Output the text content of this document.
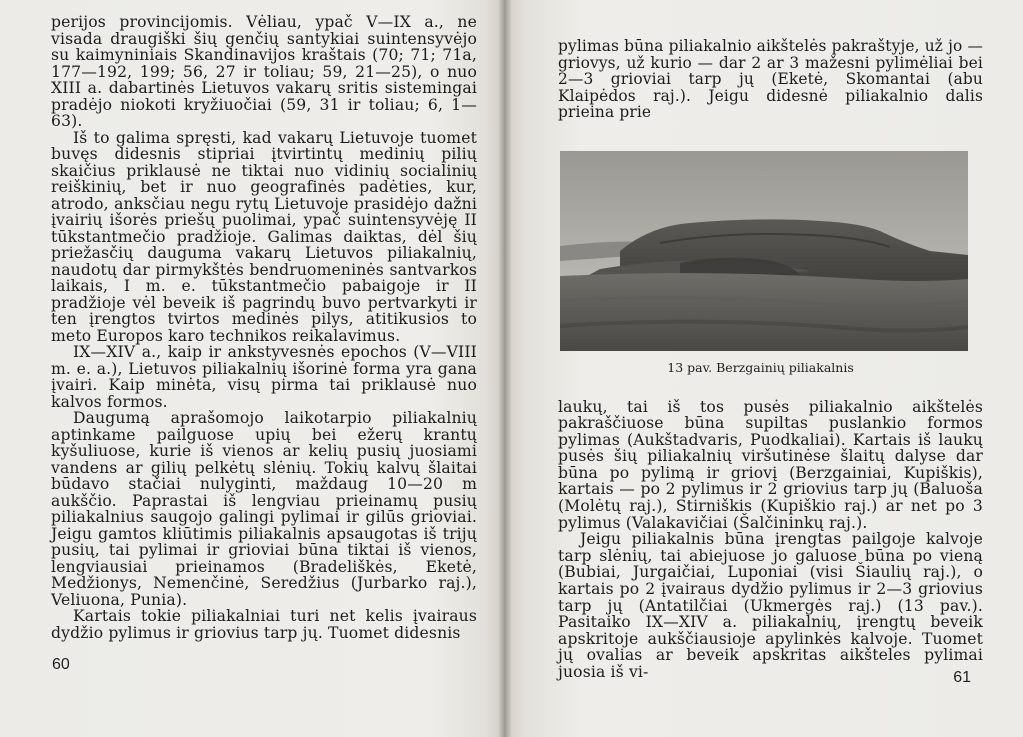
perijos provincijomis. Vėliau, ypač V—IX a., ne visada draugiški šių genčių santykiai suintensyvėjo su kaimyniniais Skandinavijos kraštais (70; 71; 71a, 177—192, 199; 56, 27 ir toliau; 59, 21—25), o nuo XIII a. dabartinės Lietuvos vakarų sritis sistemingai pradėjo niokoti kryžiuočiai (59, 31 ir toliau; 6, 1—63).

Iš to galima spręsti, kad vakarų Lietuvoje tuomet buvęs didesnis stipriai įtvirtintų medinių pilių skaičius priklausė ne tiktai nuo vidinių socialinių reiškinių, bet ir nuo geografinės padėties, kur, atrodo, anksčiau negu rytų Lietuvoje prasidėjo dažni įvairių išorės priešų puolimai, ypač suintensyvėję II tūkstantmečio pradžioje. Galimas daiktas, dėl šių priežasčių dauguma vakarų Lietuvos piliakalnių, naudotų dar pirmykštės bendruomeninės santvarkos laikais, I m. e. tūkstantmečio pabaigoje ir II pradžioje vėl beveik iš pagrindų buvo pertvarkyti ir ten įrengtos tvirtos medinės pilys, atitikusios to meto Europos karo technikos reikalavimus.

IX—XIV a., kaip ir ankstyvesnės epochos (V—VIII m. e. a.), Lietuvos piliakalnių išorinė forma yra gana įvairi. Kaip minėta, visų pirma tai priklausė nuo kalvos formos.

Daugumą aprašomojo laikotarpio piliakalnių aptinkame pailguose upių bei ežerų krantų kyšuliuose, kurie iš vienos ar kelių pusių juosiami vandens ar gilių pelkėtų slėnių. Tokių kalvų šlaitai būdavo stačiai nulyginti, maždaug 10—20 m aukščio. Paprastai iš lengviau prieinamų pusių piliakalnius saugojo galingi pylimai ir gilūs grioviai. Jeigu gamtos kliūtimis piliakalnis apsaugotas iš trijų pusių, tai pylimai ir grioviai būna tiktai iš vienos, lengviausiai prieinamos (Bradeliškės, Eketė, Medžionys, Nemenčinė, Seredžius (Jurbarko raj.), Veliuona, Punia).

Kartais tokie piliakalniai turi net kelis įvairaus dydžio pylimus ir griovius tarp jų. Tuomet didesnis

60

pylimas būna piliakalnio aikštelės pakraštyje, už jo — griovys, už kurio — dar 2 ar 3 mažesni pylimėliai bei 2—3 grioviai tarp jų (Eketė, Skomantai (abu Klaipėdos raj.). Jeigu didesnė piliakalnio dalis prieina prie

13 pav. Berzgainių piliakalnis

laukų, tai iš tos pusės piliakalnio aikštelės pakraščiuose būna supiltas puslankio formos pylimas (Aukštadvaris, Puodkaliai). Kartais iš laukų pusės šių piliakalnių viršutinėse šlaitų dalyse dar būna po pylimą ir griovį (Berzgainiai, Kupiškis), kartais — po 2 pylimus ir 2 griovius tarp jų (Baluoša (Molėtų raj.), Stirniškis (Kupiškio raj.) ar net po 3 pylimus (Valakavičiai (Šalčininkų raj.).

Jeigu piliakalnis būna įrengtas pailgoje kalvoje tarp slėnių, tai abiejuose jo galuose būna po vieną (Bubiai, Jurgaičiai, Luponiai (visi Šiaulių raj.), o kartais po 2 įvairaus dydžio pylimus ir 2—3 griovius tarp jų (Antatilčiai (Ukmergės raj.) (13 pav.). Pasitaiko IX—XIV a. piliakalnių, įrengtų beveik apskritoje aukščiausioje apylinkės kalvoje. Tuomet jų ovalias ar beveik apskritas aikšteles pylimai juosia iš vi-	61
